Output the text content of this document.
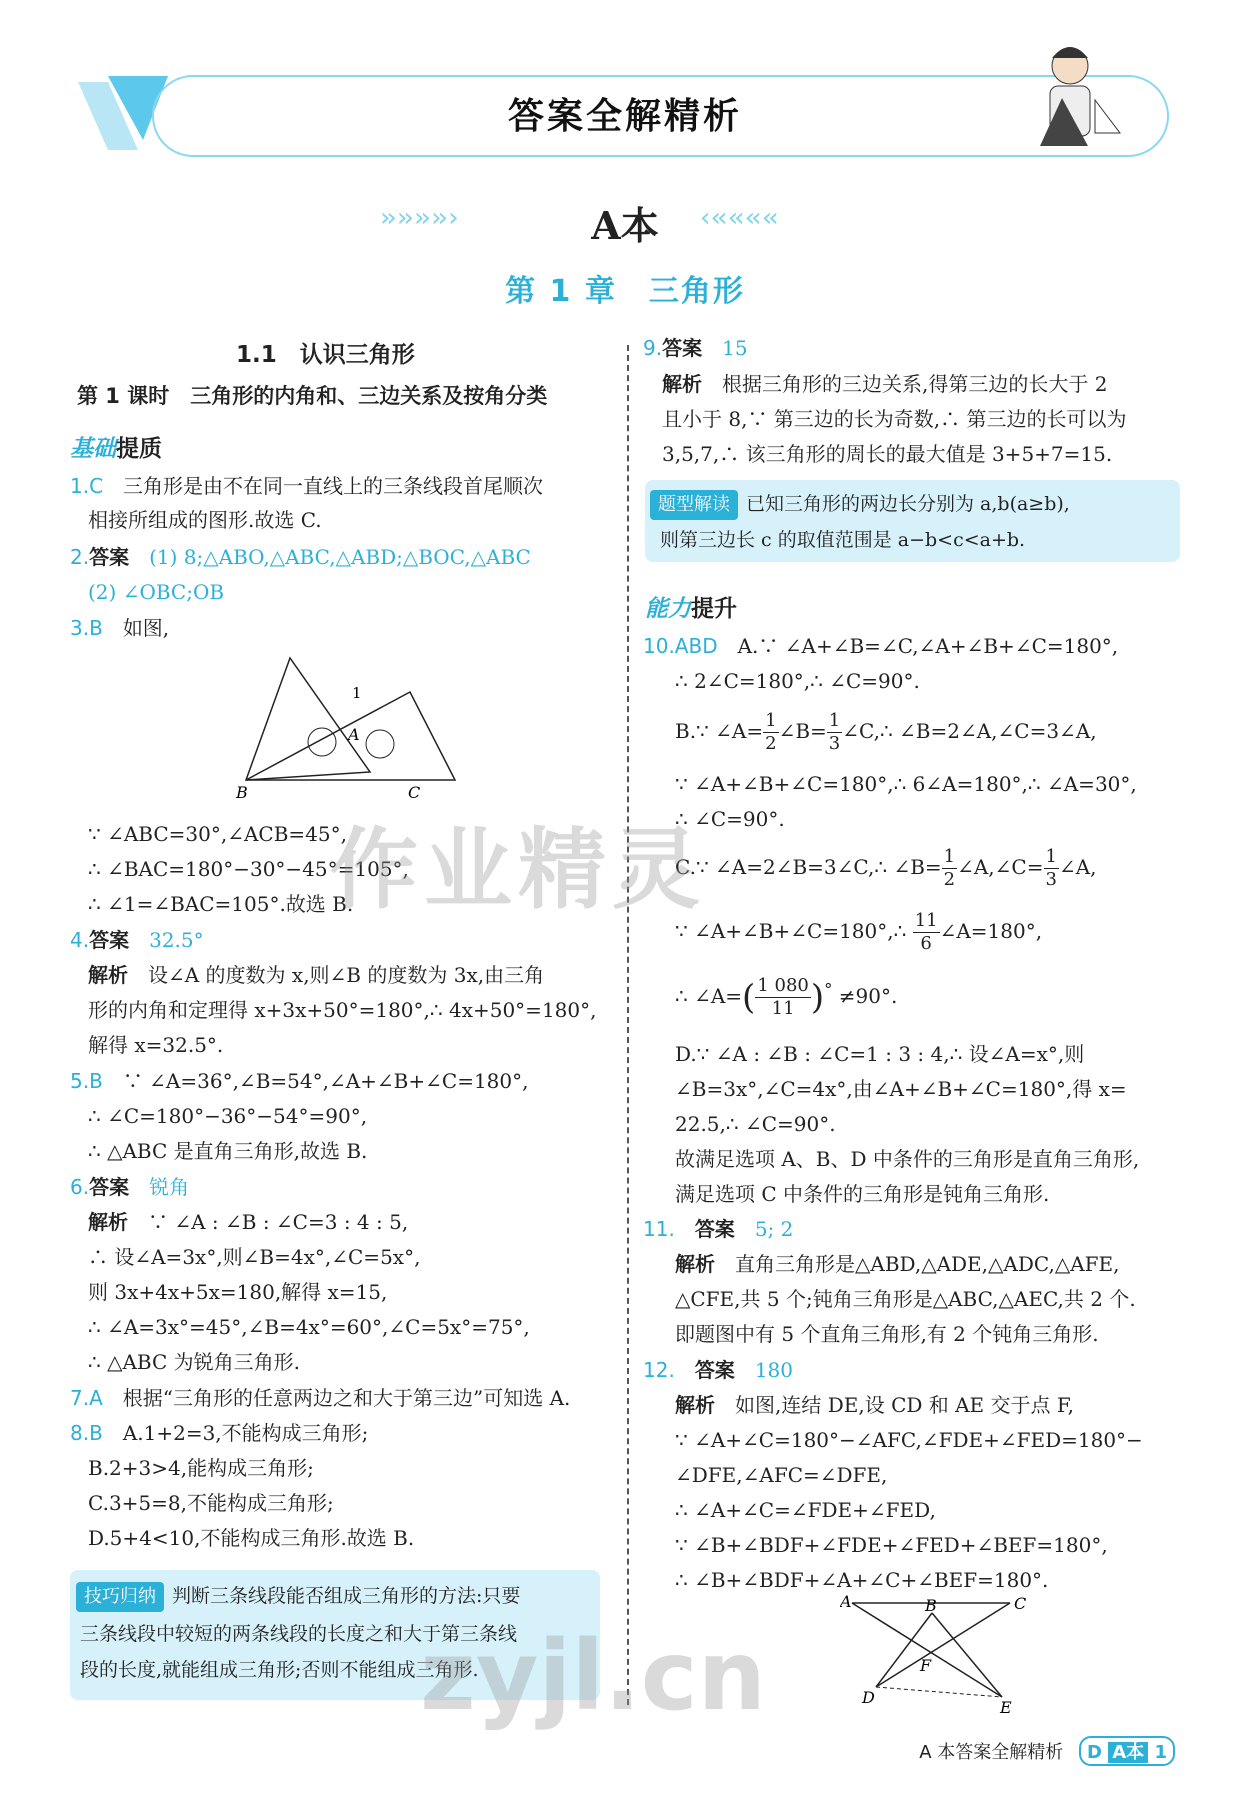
答案全解精析
›› ›› ›› ›› ›	A本	‹ ‹‹ ‹‹ ‹‹ ‹‹
第 1 章　三角形
1.1　认识三角形
第 1 课时　三角形的内角和、三边关系及按角分类
基础提质
1.C　 三角形是由不在同一直线上的三条线段首尾顺次
相接所组成的图形.故选 C.
2.答案　 (1) 8;△ABO,△ABC,△ABD;△BOC,△ABC
(2) ∠OBC;OB
3.B　 如图,
B	C
A
1
∵ ∠ABC=30°,∠ACB=45°,
∴ ∠BAC=180°−30°−45°=105°,
∴ ∠1=∠BAC=105°.故选 B.
4.答案　 32.5°
解析　 设∠A 的度数为 x,则∠B 的度数为 3x,由三角
形的内角和定理得 x+3x+50°=180°,∴ 4x+50°=180°,
解得 x=32.5°.
5.B　 ∵ ∠A=36°,∠B=54°,∠A+∠B+∠C=180°,
∴ ∠C=180°−36°−54°=90°,
∴ △ABC 是直角三角形,故选 B.
6.答案　 锐角
解析　 ∵ ∠A : ∠B : ∠C=3 : 4 : 5,
∴ 设∠A=3x°,则∠B=4x°,∠C=5x°,
则 3x+4x+5x=180,解得 x=15,
∴ ∠A=3x°=45°,∠B=4x°=60°,∠C=5x°=75°,
∴ △ABC 为锐角三角形.
7.A　 根据“三角形的任意两边之和大于第三边”可知选 A.
8.B　 A.1+2=3,不能构成三角形;
B.2+3>4,能构成三角形;
C.3+5=8,不能构成三角形;
D.5+4<10,不能构成三角形.故选 B.
技巧归纳 判断三条线段能否组成三角形的方法:只要
三条线段中较短的两条线段的长度之和大于第三条线
段的长度,就能组成三角形;否则不能组成三角形.
9.答案　 15
解析　 根据三角形的三边关系,得第三边的长大于 2
且小于 8,∵ 第三边的长为奇数,∴ 第三边的长可以为
3,5,7,∴ 该三角形的周长的最大值是 3+5+7=15.
题型解读 已知三角形的两边长分别为 a,b(a≥b),
则第三边长 c 的取值范围是 a−b<c<a+b.
能力提升
10.ABD　 A.∵ ∠A+∠B=∠C,∠A+∠B+∠C=180°,
∴ 2∠C=180°,∴ ∠C=90°.
B.∵ ∠A= $\frac{1}{2}$ ∠B= $\frac{1}{3}$ ∠C,∴ ∠B=2∠A,∠C=3∠A,
∵ ∠A+∠B+∠C=180°,∴ 6∠A=180°,∴ ∠A=30°,
∴ ∠C=90°.
C.∵ ∠A=2∠B=3∠C,∴ ∠B= $\frac{1}{2}$ ∠A,∠C= $\frac{1}{3}$ ∠A,
∵ ∠A+∠B+∠C=180°,∴ $\frac{11}{6}$ ∠A=180°,
∴ ∠A=( $\frac{1 080}{11} )^\circ \ne 90^\circ$.
D.∵ ∠A : ∠B : ∠C=1 : 3 : 4,∴ 设∠A=x°,则
∠B=3x°,∠C=4x°,由∠A+∠B+∠C=180°,得 x=
22.5,∴ ∠C=90°.
故满足选项 A、B、D 中条件的三角形是直角三角形,
满足选项 C 中条件的三角形是钝角三角形.
11.　 答案　 5; 2
解析　 直角三角形是△ABD,△ADE,△ADC,△AFE,
△CFE,共 5 个;钝角三角形是△ABC,△AEC,共 2 个.
即题图中有 5 个直角三角形,有 2 个钝角三角形.
12.　 答案　 180
解析　 如图,连结 DE,设 CD 和 AE 交于点 F,
∵ ∠A+∠C=180°−∠AFC,∠FDE+∠FED=180°−
∠DFE,∠AFC=∠DFE,
∴ ∠A+∠C=∠FDE+∠FED,
∵ ∠B+∠BDF+∠FDE+∠FED+∠BEF=180°,
∴ ∠B+∠BDF+∠A+∠C+∠BEF=180°.
A	B	C
D
E
F
作业精灵
zyjl.cn
A 本答案全解精析 D A本 1
